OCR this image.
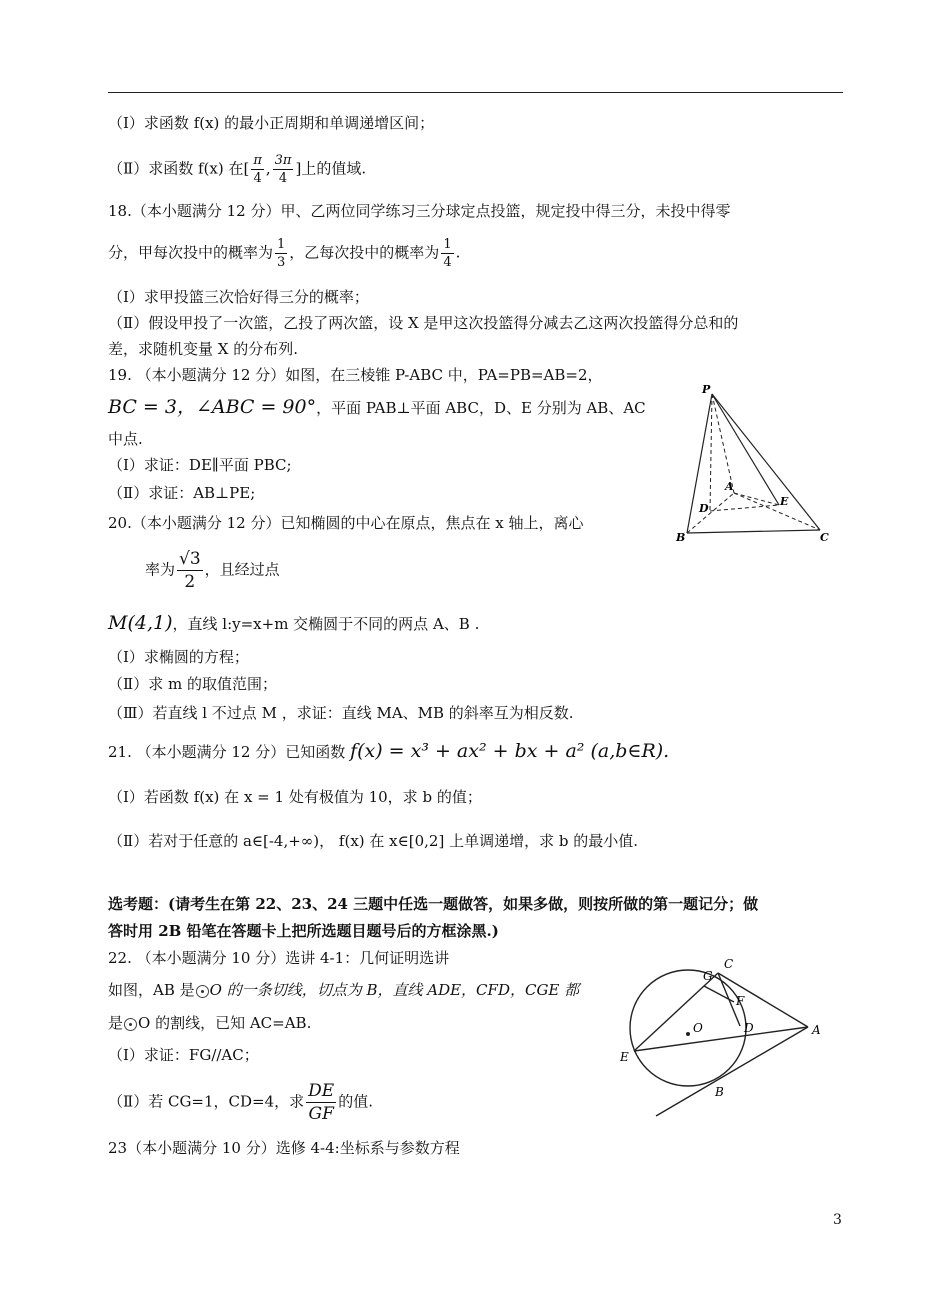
（Ⅰ）求函数 f(x) 的最小正周期和单调递增区间；
（Ⅱ）求函数 f(x) 在[ $\frac{\pi}{4}$ , $\frac{3\pi}{4}$ ]上的值域.
18.（本小题满分 12 分）甲、乙两位同学练习三分球定点投篮，规定投中得三分，未投中得零
分，甲每次投中的概率为 $\frac{1}{3}$ ，乙每次投中的概率为 $\frac{1}{4}$ .
（Ⅰ）求甲投篮三次恰好得三分的概率；
（Ⅱ）假设甲投了一次篮，乙投了两次篮，设 X 是甲这次投篮得分减去乙这两次投篮得分总和的
差，求随机变量 X 的分布列.
19. （本小题满分 12 分）如图，在三棱锥 P-ABC 中，PA=PB=AB=2，
BC = 3，∠ABC = 90°，平面 PAB⊥平面 ABC，D、E 分别为 AB、AC
中点.
（Ⅰ）求证：DE∥平面 PBC;
（Ⅱ）求证：AB⊥PE;
P
A
D
E
B	C
20.（本小题满分 12 分）已知椭圆的中心在原点，焦点在 x 轴上，离心
率为 $\frac{√3}{2}$ ，且经过点
M(4,1)，直线 l:y=x+m 交椭圆于不同的两点 A、B .
（Ⅰ）求椭圆的方程；
（Ⅱ）求 m 的取值范围；
（Ⅲ）若直线 l 不过点 M ，求证：直线 MA、MB 的斜率互为相反数.
21. （本小题满分 12 分）已知函数 f(x) = x³ + ax² + bx + a² (a,b∈R).
（Ⅰ）若函数 f(x) 在 x = 1 处有极值为 10，求 b 的值；
（Ⅱ）若对于任意的 a∈[-4,+∞)， f(x) 在 x∈[0,2] 上单调递增，求 b 的最小值.
选考题：(请考生在第 22、23、24 三题中任选一题做答，如果多做，则按所做的第一题记分；做
答时用 2B 铅笔在答题卡上把所选题目题号后的方框涂黑.)
22. （本小题满分 10 分）选讲 4-1：几何证明选讲
如图，AB 是 O 的一条切线，切点为 B，直线 ADE，CFD，CGE 都
是 O 的割线，已知 AC=AB.
（Ⅰ）求证：FG//AC；
（Ⅱ）若 CG=1，CD=4，求 $\frac{DE}{GF}$ 的值.
G
C
F
O	D	A
E
B
23（本小题满分 10 分）选修 4-4:坐标系与参数方程
3
